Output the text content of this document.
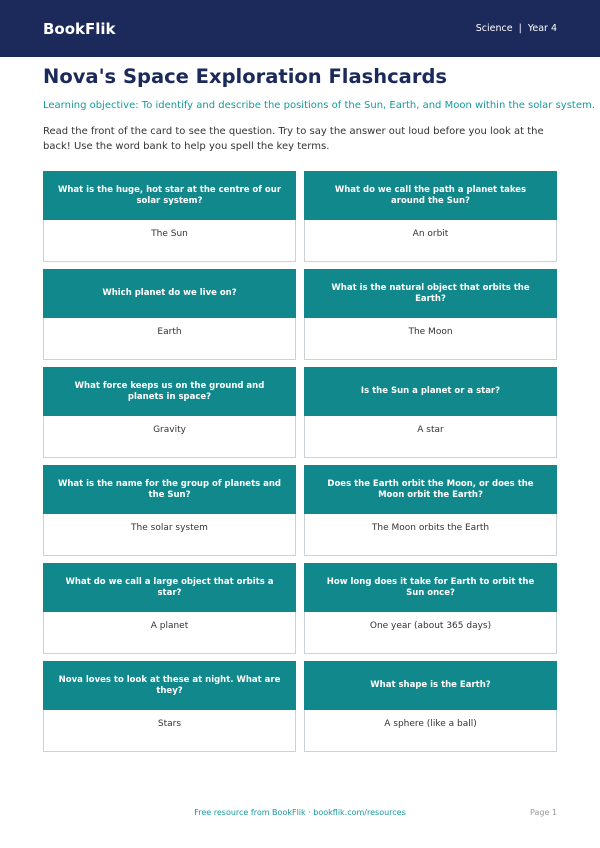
BookFlik	Science | Year 4
Nova's Space Exploration Flashcards
Learning objective: To identify and describe the positions of the Sun, Earth, and Moon within the solar system.
Read the front of the card to see the question. Try to say the answer out loud before you look at the back! Use the word bank to help you spell the key terms.
What is the huge, hot star at the centre of our solar system?
The Sun
What do we call the path a planet takes around the Sun?
An orbit
Which planet do we live on?
Earth
What is the natural object that orbits the Earth?
The Moon
What force keeps us on the ground and planets in space?
Gravity
Is the Sun a planet or a star?
A star
What is the name for the group of planets and the Sun?
The solar system
Does the Earth orbit the Moon, or does the Moon orbit the Earth?
The Moon orbits the Earth
What do we call a large object that orbits a star?
A planet
How long does it take for Earth to orbit the Sun once?
One year (about 365 days)
Nova loves to look at these at night. What are they?
Stars
What shape is the Earth?
A sphere (like a ball)
Free resource from BookFlik · bookflik.com/resources	Page 1
